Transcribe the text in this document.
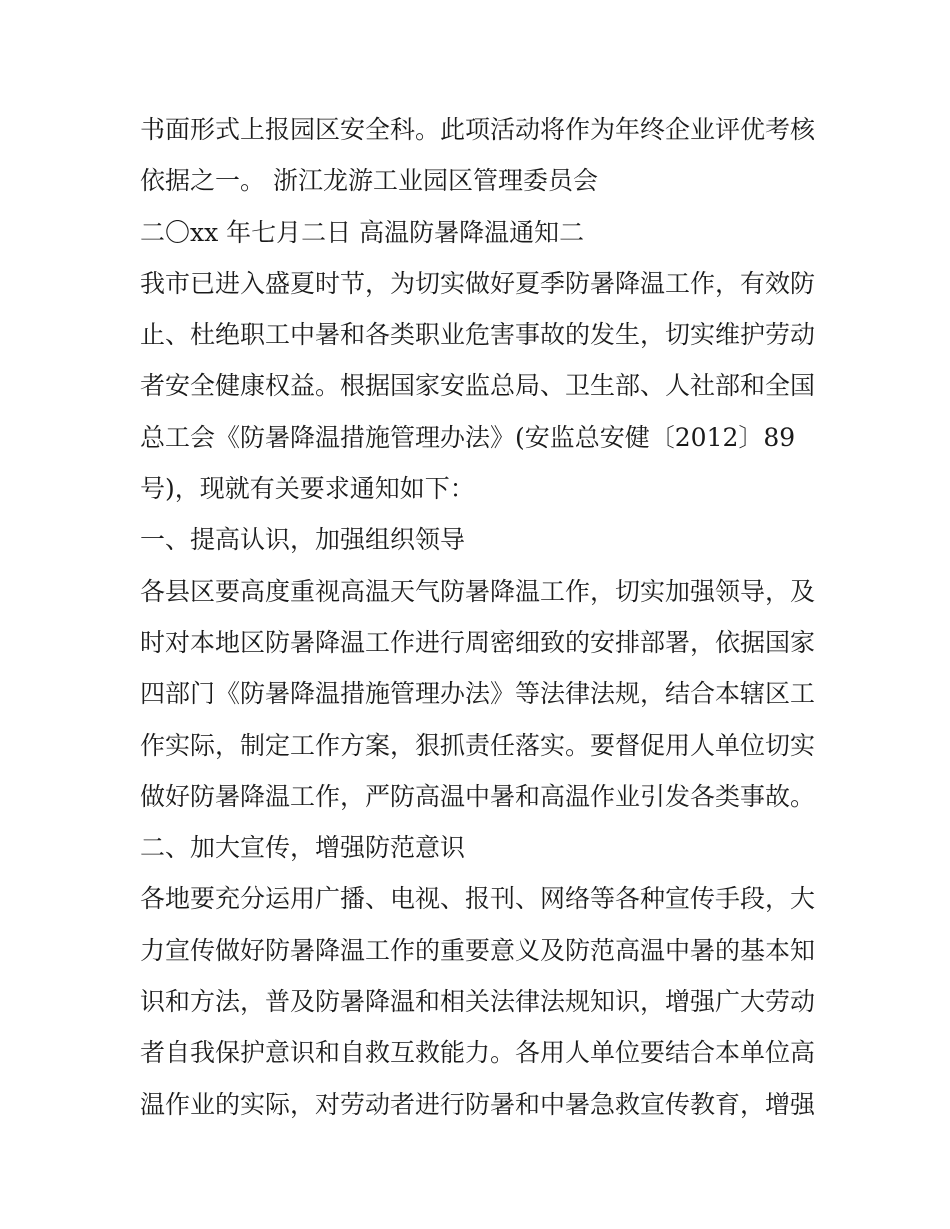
书面形式上报园区安全科。此项活动将作为年终企业评优考核
依据之一。 浙江龙游工业园区管理委员会
二〇xx 年七月二日 高温防暑降温通知二
我市已进入盛夏时节，为切实做好夏季防暑降温工作，有效防
止、杜绝职工中暑和各类职业危害事故的发生，切实维护劳动
者安全健康权益。根据国家安监总局、卫生部、人社部和全国
总工会《防暑降温措施管理办法》(安监总安健〔2012〕89
号)，现就有关要求通知如下：
一、提高认识，加强组织领导
各县区要高度重视高温天气防暑降温工作，切实加强领导，及
时对本地区防暑降温工作进行周密细致的安排部署，依据国家
四部门《防暑降温措施管理办法》等法律法规，结合本辖区工
作实际，制定工作方案，狠抓责任落实。要督促用人单位切实
做好防暑降温工作，严防高温中暑和高温作业引发各类事故。
二、加大宣传，增强防范意识
各地要充分运用广播、电视、报刊、网络等各种宣传手段，大
力宣传做好防暑降温工作的重要意义及防范高温中暑的基本知
识和方法，普及防暑降温和相关法律法规知识，增强广大劳动
者自我保护意识和自救互救能力。各用人单位要结合本单位高
温作业的实际，对劳动者进行防暑和中暑急救宣传教育，增强
